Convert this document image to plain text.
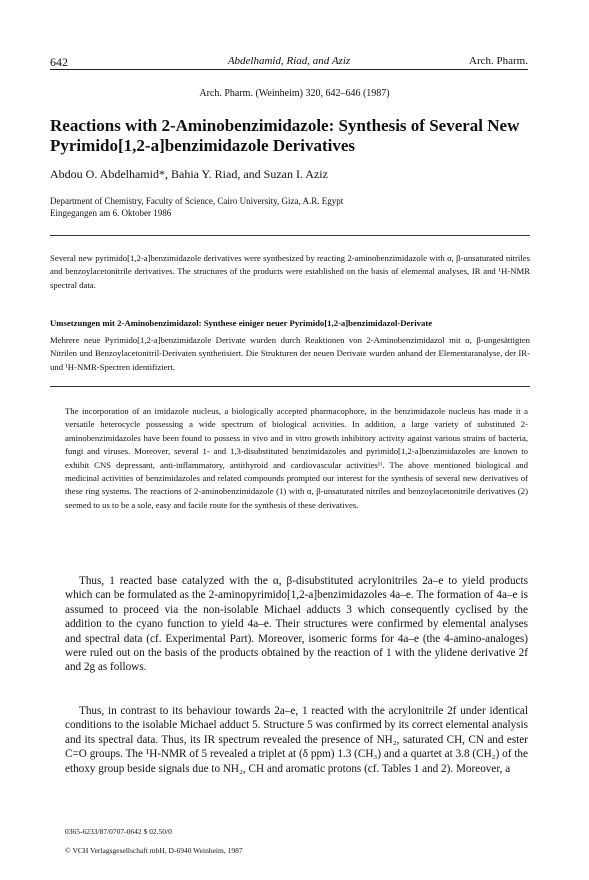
642	Abdelhamid, Riad, and Aziz	Arch. Pharm.
Arch. Pharm. (Weinheim) 320, 642–646 (1987)
Reactions with 2-Aminobenzimidazole: Synthesis of Several New
Pyrimido[1,2-a]benzimidazole Derivatives
Abdou O. Abdelhamid*, Bahia Y. Riad, and Suzan I. Aziz
Department of Chemistry, Faculty of Science, Cairo University, Giza, A.R. Egypt
Eingegangen am 6. Oktober 1986

Several new pyrimido[1,2-a]benzimidazole derivatives were synthesized by reacting 2-aminobenzimidazole with α, β-unsaturated nitriles and benzoylacetonitrile derivatives. The structures of the products were established on the basis of elemental analyses, IR and ¹H-NMR spectral data.

Umsetzungen mit 2-Aminobenzimidazol: Synthese einiger neuer Pyrimido[1,2-a]benzimidazol-Derivate

Mehrere neue Pyrimido[1,2-a]benzimidazole Derivate wurden durch Reaktionen von 2-Aminobenzimidazol mit α, β-ungesättigten Nitrilen und Benzoylacetonitril-Derivaten synthetisiert. Die Strukturen der neuen Derivate wurden anhand der Elementaranalyse, der IR- und ¹H-NMR-Spectren identifiziert.

The incorporation of an imidazole nucleus, a biologically accepted pharmacophore, in the benzimidazole nucleus has made it a versatile heterocycle possessing a wide spectrum of biological activities. In addition, a large variety of substituted 2-aminobenzimidazoles have been found to possess in vivo and in vitro growth inhibitory activity against various strains of bacteria, fungi and viruses. Moreover, several 1- and 1,3-disubstituted benzimidazoles and pyrimido[1,2-a]benzimidazoles are known to exhibit CNS depressant, anti-inflammatory, antithyroid and cardiovascular activities¹⁾. The above mentioned biological and medicinal activities of benzimidazoles and related compounds prompted our interest for the synthesis of several new derivatives of these ring systems. The reactions of 2-aminobenzimidazole (1) with α, β-unsaturated nitriles and benzoylacetonitrile derivatives (2) seemed to us to be a sole, easy and facile route for the synthesis of these derivatives.

Thus, 1 reacted base catalyzed with the α, β-disubstituted acrylonitriles 2a–e to yield products which can be formulated as the 2-aminopyrimido[1,2-a]benzimidazoles 4a–e. The formation of 4a–e is assumed to proceed via the non-isolable Michael adducts 3 which consequently cyclised by the addition to the cyano function to yield 4a–e. Their structures were confirmed by elemental analyses and spectral data (cf. Experimental Part). Moreover, isomeric forms for 4a–e (the 4-amino-analoges) were ruled out on the basis of the products obtained by the reaction of 1 with the ylidene derivative 2f and 2g as follows.

Thus, in contrast to its behaviour towards 2a–e, 1 reacted with the acrylonitrile 2f under identical conditions to the isolable Michael adduct 5. Structure 5 was confirmed by its correct elemental analysis and its spectral data. Thus, its IR spectrum revealed the presence of NH₂, saturated CH, CN and ester C=O groups. The ¹H-NMR of 5 revealed a triplet at (δ ppm) 1.3 (CH₃) and a quartet at 3.8 (CH₂) of the ethoxy group beside signals due to NH₂, CH and aromatic protons (cf. Tables 1 and 2). Moreover, a

0365-6233/87/0707-0642 $ 02.50/0
© VCH Verlagsgesellschaft mbH, D-6940 Weinheim, 1987
